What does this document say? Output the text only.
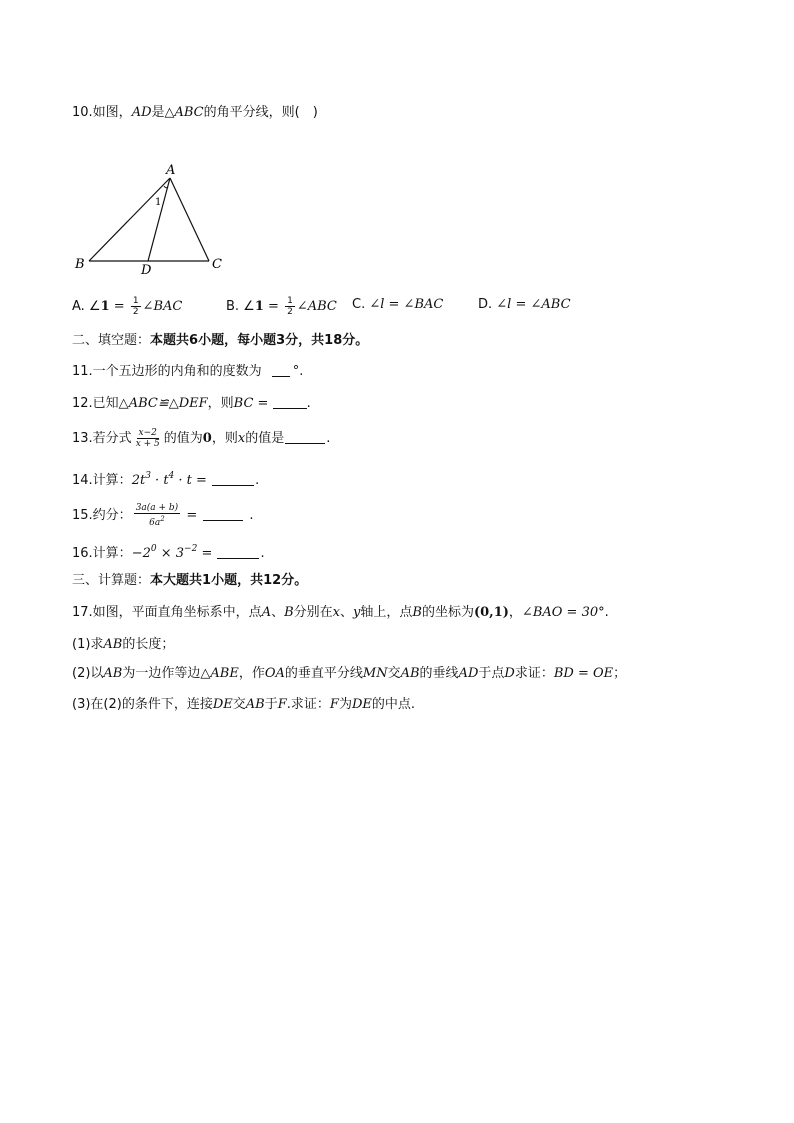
10.如图，AD是△ABC的角平分线，则(　)
A
B	C
D
1
A. ∠1 = $\frac{1}{2}$ ∠BAC	B. ∠1 = $\frac{1}{2}$ ∠ABC C. ∠l = ∠BAC	D. ∠l = ∠ABC
二、填空题：本题共6小题，每小题3分，共18分。
11.一个五边形的内角和的度数为 °.
12.已知△ABC≌△DEF，则BC =	.
13.若分式 $\frac{x-2}{x + 5}$ 的值为0，则x的值是	.
14.计算：$2t^3 \cdot t^4 \cdot t$ =	.
15.约分： $\frac{3a(a + b)}{6a^2}$ =	.
16.计算：$-2^0 \times 3^{-2}$ =	.
三、计算题：本大题共1小题，共12分。
17.如图，平面直角坐标系中，点A、B分别在x、y轴上，点B的坐标为(0,1)，∠BAO = 30°.
(1)求AB的长度；
(2)以AB为一边作等边△ABE，作OA的垂直平分线MN交AB的垂线AD于点D求证：BD = OE；
(3)在(2)的条件下，连接DE交AB于F.求证：F为DE的中点.
